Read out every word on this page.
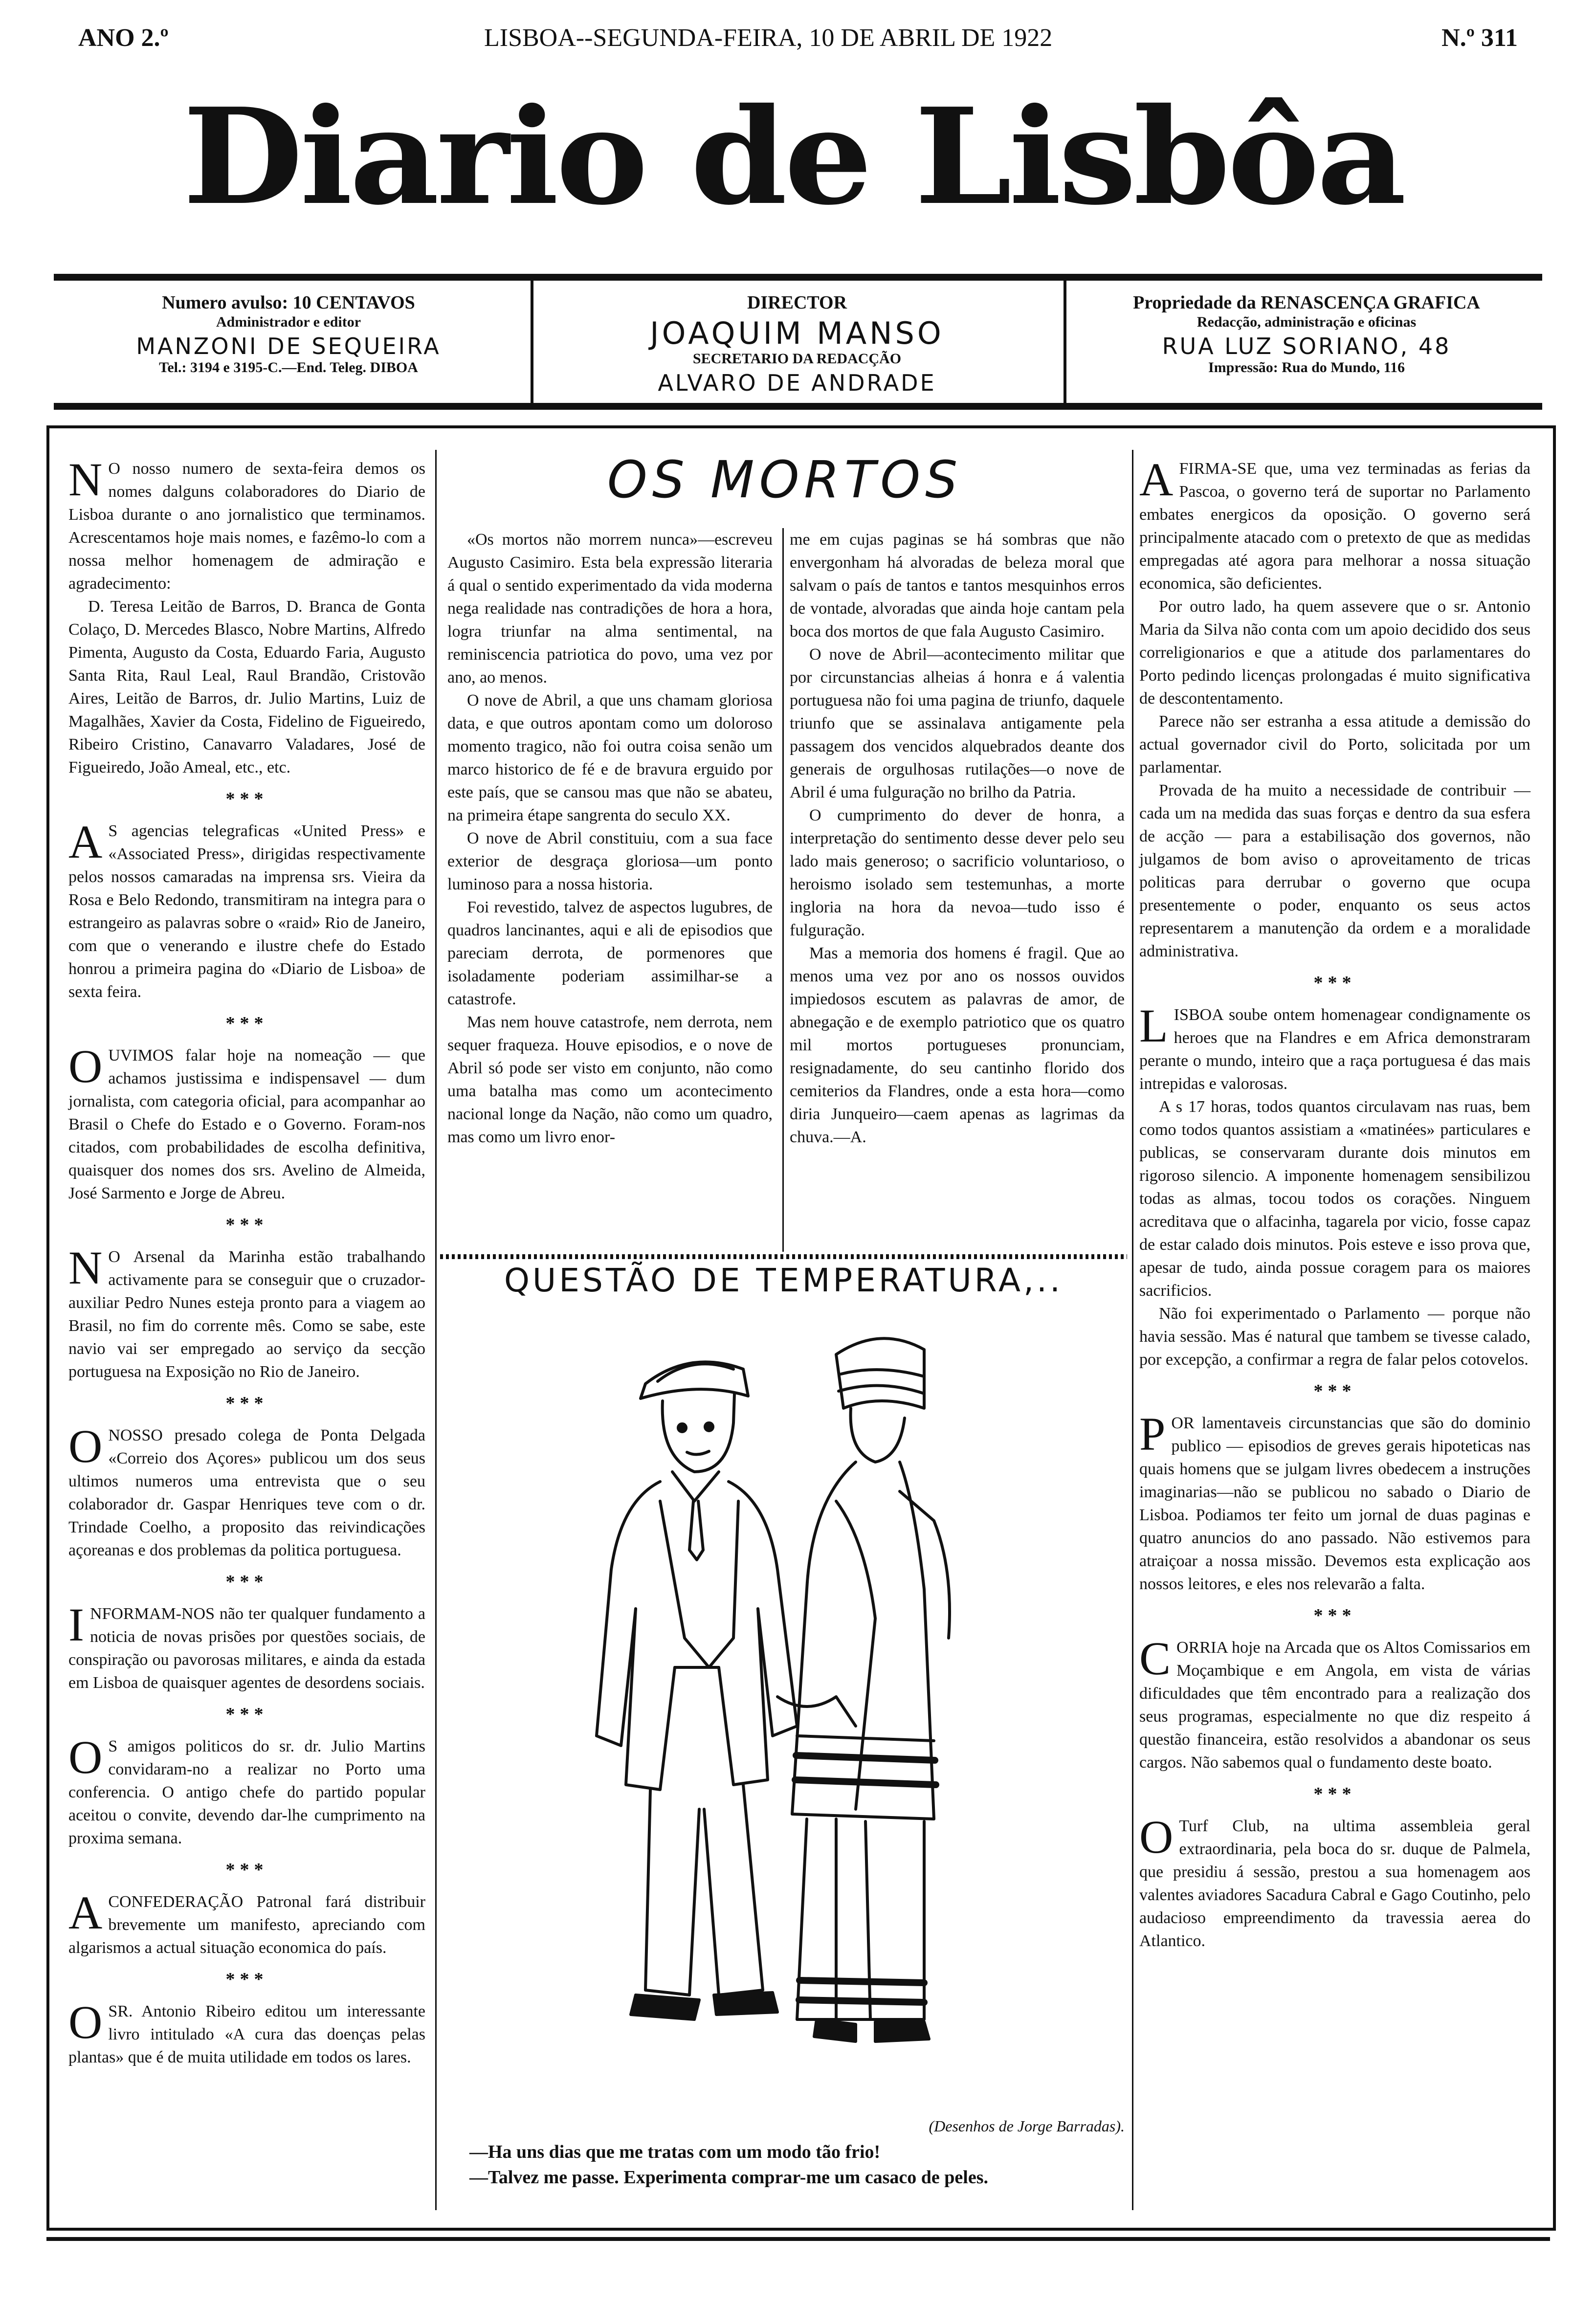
ANO 2.º	LISBOA--SEGUNDA-FEIRA, 10 DE ABRIL DE 1922	N.º 311
Diario de Lisbôa
Numero avulso: 10 CENTAVOS
Administrador e editor
MANZONI DE SEQUEIRA
Tel.: 3194 e 3195-C.—End. Teleg. DIBOA
DIRECTOR
JOAQUIM MANSO
SECRETARIO DA REDACÇÃO
ALVARO DE ANDRADE
Propriedade da RENASCENÇA GRAFICA
Redacção, administração e oficinas
RUA LUZ SORIANO, 48
Impressão: Rua do Mundo, 116

NO nosso numero de sexta-feira demos os nomes dalguns colaboradores do Diario de Lisboa durante o ano jornalistico que terminamos. Acrescentamos hoje mais nomes, e fazêmo-lo com a nossa melhor homenagem de admiração e agradecimento:

D. Teresa Leitão de Barros, D. Branca de Gonta Colaço, D. Mercedes Blasco, Nobre Martins, Alfredo Pimenta, Augusto da Costa, Eduardo Faria, Augusto Santa Rita, Raul Leal, Raul Brandão, Cristovão Aires, Leitão de Barros, dr. Julio Martins, Luiz de Magalhães, Xavier da Costa, Fidelino de Figueiredo, Ribeiro Cristino, Canavarro Valadares, José de Figueiredo, João Ameal, etc., etc.

***

AS agencias telegraficas «United Press» e «Associated Press», dirigidas respectivamente pelos nossos camaradas na imprensa srs. Vieira da Rosa e Belo Redondo, transmitiram na integra para o estrangeiro as palavras sobre o «raid» Rio de Janeiro, com que o venerando e ilustre chefe do Estado honrou a primeira pagina do «Diario de Lisboa» de sexta feira.

***

OUVIMOS falar hoje na nomeação — que achamos justissima e indispensavel — dum jornalista, com categoria oficial, para acompanhar ao Brasil o Chefe do Estado e o Governo. Foram-nos citados, com probabilidades de escolha definitiva, quaisquer dos nomes dos srs. Avelino de Almeida, José Sarmento e Jorge de Abreu.

***

NO Arsenal da Marinha estão trabalhando activamente para se conseguir que o cruzador-auxiliar Pedro Nunes esteja pronto para a viagem ao Brasil, no fim do corrente mês. Como se sabe, este navio vai ser empregado ao serviço da secção portuguesa na Exposição no Rio de Janeiro.

***

ONOSSO presado colega de Ponta Delgada «Correio dos Açores» publicou um dos seus ultimos numeros uma entrevista que o seu colaborador dr. Gaspar Henriques teve com o dr. Trindade Coelho, a proposito das reivindicações açoreanas e dos problemas da politica portuguesa.

***

INFORMAM-NOS não ter qualquer fundamento a noticia de novas prisões por questões sociais, de conspiração ou pavorosas militares, e ainda da estada em Lisboa de quaisquer agentes de desordens sociais.

***

OS amigos politicos do sr. dr. Julio Martins convidaram-no a realizar no Porto uma conferencia. O antigo chefe do partido popular aceitou o convite, devendo dar-lhe cumprimento na proxima semana.

***

ACONFEDERAÇÃO Patronal fará distribuir brevemente um manifesto, apreciando com algarismos a actual situação economica do país.

***

OSR. Antonio Ribeiro editou um interessante livro intitulado «A cura das doenças pelas plantas» que é de muita utilidade em todos os lares.

OS MORTOS

«Os mortos não morrem nunca»—escreveu Augusto Casimiro. Esta bela expressão literaria á qual o sentido experimentado da vida moderna nega realidade nas contradições de hora a hora, logra triunfar na alma sentimental, na reminiscencia patriotica do povo, uma vez por ano, ao menos.

O nove de Abril, a que uns chamam gloriosa data, e que outros apontam como um doloroso momento tragico, não foi outra coisa senão um marco historico de fé e de bravura erguido por este país, que se cansou mas que não se abateu, na primeira étape sangrenta do seculo XX.

O nove de Abril constituiu, com a sua face exterior de desgraça gloriosa—um ponto luminoso para a nossa historia.

Foi revestido, talvez de aspectos lugubres, de quadros lancinantes, aqui e ali de episodios que pareciam derrota, de pormenores que isoladamente poderiam assimilhar-se a catastrofe.

Mas nem houve catastrofe, nem derrota, nem sequer fraqueza. Houve episodios, e o nove de Abril só pode ser visto em conjunto, não como uma batalha mas como um acontecimento nacional longe da Nação, não como um quadro, mas como um livro enor-

me em cujas paginas se há sombras que não envergonham há alvoradas de beleza moral que salvam o país de tantos e tantos mesquinhos erros de vontade, alvoradas que ainda hoje cantam pela boca dos mortos de que fala Augusto Casimiro.

O nove de Abril—acontecimento militar que por circunstancias alheias á honra e á valentia portuguesa não foi uma pagina de triunfo, daquele triunfo que se assinalava antigamente pela passagem dos vencidos alquebrados deante dos generais de orgulhosas rutilações—o nove de Abril é uma fulguração no brilho da Patria.

O cumprimento do dever de honra, a interpretação do sentimento desse dever pelo seu lado mais generoso; o sacrificio voluntarioso, o heroismo isolado sem testemunhas, a morte ingloria na hora da nevoa—tudo isso é fulguração.

Mas a memoria dos homens é fragil. Que ao menos uma vez por ano os nossos ouvidos impiedosos escutem as palavras de amor, de abnegação e de exemplo patriotico que os quatro mil mortos portugueses pronunciam, resignadamente, do seu cantinho florido dos cemiterios da Flandres, onde a esta hora—como diria Junqueiro—caem apenas as lagrimas da chuva.—A.

QUESTÃO DE TEMPERATURA,..
(Desenhos de Jorge Barradas).
—Ha uns dias que me tratas com um modo tão frio!
—Talvez me passe. Experimenta comprar-me um casaco de peles.

AFIRMA-SE que, uma vez terminadas as ferias da Pascoa, o governo terá de suportar no Parlamento embates energicos da oposição. O governo será principalmente atacado com o pretexto de que as medidas empregadas até agora para melhorar a nossa situação economica, são deficientes.

Por outro lado, ha quem assevere que o sr. Antonio Maria da Silva não conta com um apoio decidido dos seus correligionarios e que a atitude dos parlamentares do Porto pedindo licenças prolongadas é muito significativa de descontentamento.

Parece não ser estranha a essa atitude a demissão do actual governador civil do Porto, solicitada por um parlamentar.

Provada de ha muito a necessidade de contribuir — cada um na medida das suas forças e dentro da sua esfera de acção — para a estabilisação dos governos, não julgamos de bom aviso o aproveitamento de tricas politicas para derrubar o governo que ocupa presentemente o poder, enquanto os seus actos representarem a manutenção da ordem e a moralidade administrativa.

***

LISBOA soube ontem homenagear condignamente os heroes que na Flandres e em Africa demonstraram perante o mundo, inteiro que a raça portuguesa é das mais intrepidas e valorosas.

A s 17 horas, todos quantos circulavam nas ruas, bem como todos quantos assistiam a «matinées» particulares e publicas, se conservaram durante dois minutos em rigoroso silencio. A imponente homenagem sensibilizou todas as almas, tocou todos os corações. Ninguem acreditava que o alfacinha, tagarela por vicio, fosse capaz de estar calado dois minutos. Pois esteve e isso prova que, apesar de tudo, ainda possue coragem para os maiores sacrificios.

Não foi experimentado o Parlamento — porque não havia sessão. Mas é natural que tambem se tivesse calado, por excepção, a confirmar a regra de falar pelos cotovelos.

***

POR lamentaveis circunstancias que são do dominio publico — episodios de greves gerais hipoteticas nas quais homens que se julgam livres obedecem a instruções imaginarias—não se publicou no sabado o Diario de Lisboa. Podiamos ter feito um jornal de duas paginas e quatro anuncios do ano passado. Não estivemos para atraiçoar a nossa missão. Devemos esta explicação aos nossos leitores, e eles nos relevarão a falta.

***

CORRIA hoje na Arcada que os Altos Comissarios em Moçambique e em Angola, em vista de várias dificuldades que têm encontrado para a realização dos seus programas, especialmente no que diz respeito á questão financeira, estão resolvidos a abandonar os seus cargos. Não sabemos qual o fundamento deste boato.

***

OTurf Club, na ultima assembleia geral extraordinaria, pela boca do sr. duque de Palmela, que presidiu á sessão, prestou a sua homenagem aos valentes aviadores Sacadura Cabral e Gago Coutinho, pelo audacioso empreendimento da travessia aerea do Atlantico.
